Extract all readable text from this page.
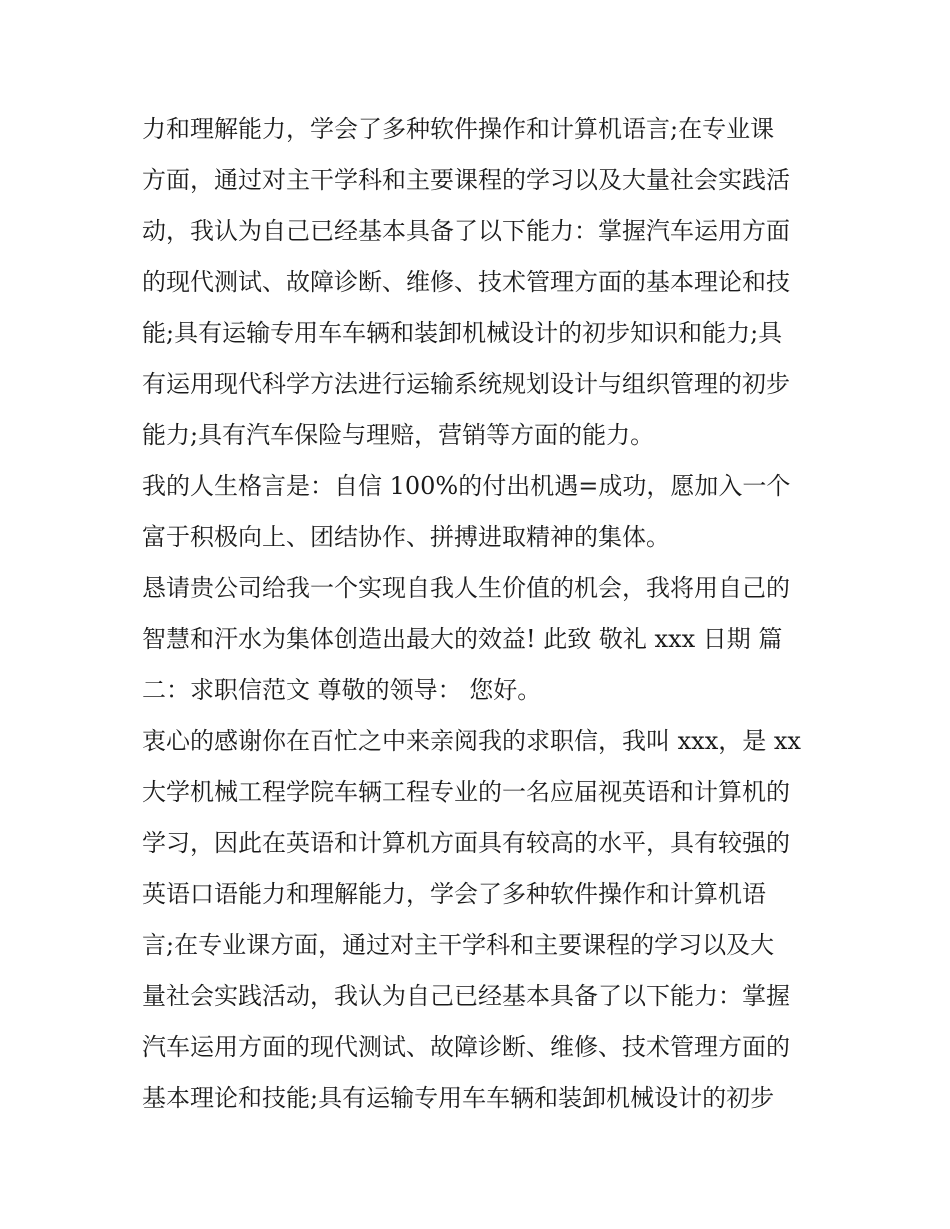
力和理解能力，学会了多种软件操作和计算机语言;在专业课
方面，通过对主干学科和主要课程的学习以及大量社会实践活
动，我认为自己已经基本具备了以下能力：掌握汽车运用方面
的现代测试、故障诊断、维修、技术管理方面的基本理论和技
能;具有运输专用车车辆和装卸机械设计的初步知识和能力;具
有运用现代科学方法进行运输系统规划设计与组织管理的初步
能力;具有汽车保险与理赔，营销等方面的能力。
我的人生格言是：自信 100%的付出机遇=成功，愿加入一个
富于积极向上、团结协作、拼搏进取精神的集体。
恳请贵公司给我一个实现自我人生价值的机会，我将用自己的
智慧和汗水为集体创造出最大的效益! 此致 敬礼 xxx 日期 篇
二：求职信范文 尊敬的领导： 您好。
衷心的感谢你在百忙之中来亲阅我的求职信，我叫 xxx，是 xx
大学机械工程学院车辆工程专业的一名应届视英语和计算机的
学习，因此在英语和计算机方面具有较高的水平，具有较强的
英语口语能力和理解能力，学会了多种软件操作和计算机语
言;在专业课方面，通过对主干学科和主要课程的学习以及大
量社会实践活动，我认为自己已经基本具备了以下能力：掌握
汽车运用方面的现代测试、故障诊断、维修、技术管理方面的
基本理论和技能;具有运输专用车车辆和装卸机械设计的初步
